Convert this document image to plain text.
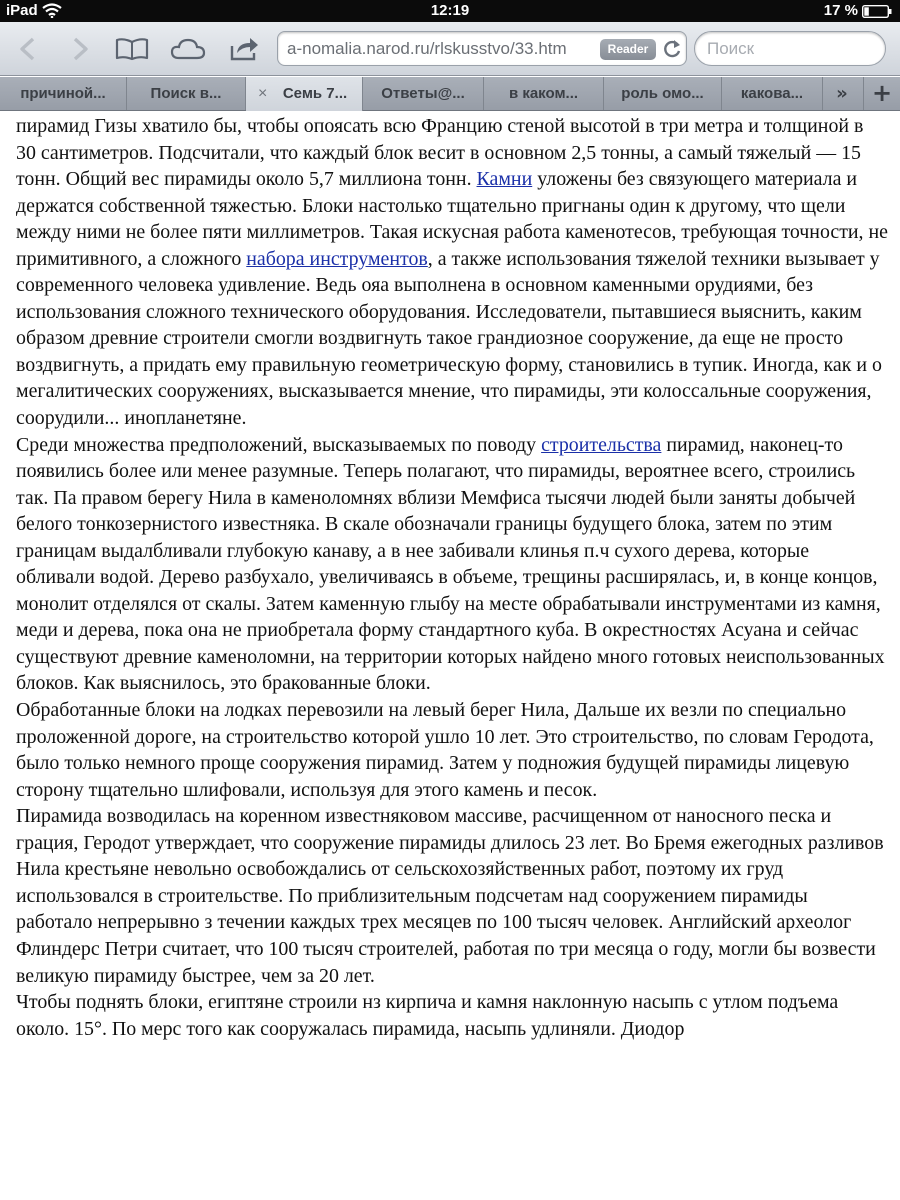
iPad	12:19	17 %
a-nomalia.narod.ru/rlskusstvo/33.htm	Reader
Поиск
причиной...	Поиск в...	× Семь 7...	Ответы@...	в каком...	роль омо...	какова...	»	+

пирамид Гизы хватило бы, чтобы опоясать всю Францию стеной высотой в три метра и толщиной в 30 сантиметров. Подсчитали, что каждый блок весит в основном 2,5 тонны, а самый тяжелый — 15 тонн. Общий вес пирамиды около 5,7 миллиона тонн. Камни уложены без связующего материала и держатся собственной тяжестью. Блоки настолько тщательно пригнаны один к другому, что щели между ними не более пяти миллиметров. Такая искусная работа каменотесов, требующая точности, не примитивного, а сложного набора инструментов, а также использования тяжелой техники вызывает у современного человека удивление. Ведь ояа выполнена в основном каменными орудиями, без использования сложного технического оборудования. Исследователи, пытавшиеся выяснить, каким образом древние строители смогли воздвигнуть такое грандиозное сооружение, да еще не просто воздвигнуть, а придать ему правильную геометрическую форму, становились в тупик. Иногда, как и о мегалитических сооружениях, высказывается мнение, что пирамиды, эти колоссальные сооружения, соорудили... инопланетяне.

Среди множества предположений, высказываемых по поводу строительства пирамид, наконец-то появились более или менее разумные. Теперь полагают, что пирамиды, вероятнее всего, строились так. Па правом берегу Нила в каменоломнях вблизи Мемфиса тысячи людей были заняты добычей белого тонкозернистого известняка. В скале обозначали границы будущего блока, затем по этим границам выдалбливали глубокую канаву, а в нее забивали клинья п.ч сухого дерева, которые обливали водой. Дерево разбухало, увеличиваясь в объеме, трещины расширялась, и, в конце концов, монолит отделялся от скалы. Затем каменную глыбу на месте обрабатывали инструментами из камня, меди и дерева, пока она не приобретала форму стандартного куба. В окрестностях Асуана и сейчас существуют древние каменоломни, на территории которых найдено много готовых неиспользованных блоков. Как выяснилось, это бракованные блоки.

Обработанные блоки на лодках перевозили на левый берег Нила, Дальше их везли по специально проложенной дороге, на строительство которой ушло 10 лет. Это строительство, по словам Геродота, было только немного проще сооружения пирамид. Затем у подножия будущей пирамиды лицевую сторону тщательно шлифовали, используя для этого камень и песок.

Пирамида возводилась на коренном известняковом массиве, расчищенном от наносного песка и грация, Геродот утверждает, что сооружение пирамиды длилось 23 лет. Во Бремя ежегодных разливов Нила крестьяне невольно освобождались от сельскохозяйственных работ, поэтому их груд использовался в строительстве. По приблизительным подсчетам над сооружением пирамиды работало непрерывно з течении каждых трех месяцев по 100 тысяч человек. Английский археолог Флиндерс Петри считает, что 100 тысяч строителей, работая по три месяца о году, могли бы возвести великую пирамиду быстрее, чем за 20 лет.

Чтобы поднять блоки, египтяне строили нз кирпича и камня наклонную насыпь с утлом подъема около. 15°. По мерс того как сооружалась пирамида, насыпь удлиняли. Диодор
